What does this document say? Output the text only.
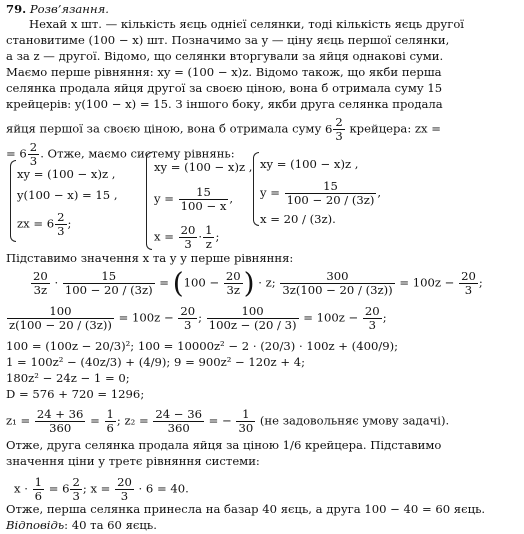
79. Розв’язання.
Нехай x шт. — кількість яєць однієї селянки, тоді кількість яєць другої
становитиме (100 − x) шт. Позначимо за y — ціну яєць першої селянки,
а за z — другої. Відомо, що селянки вторгували за яйця однакові суми.
Маємо перше рівняння: xy = (100 − x)z. Відомо також, що якби перша
селянка продала яйця другої за своєю ціною, вона б отримала суму 15
крейцерів: y(100 − x) = 15. З іншого боку, якби друга селянка продала
яйця першої за своєю ціною, вона б отримала суму $6 \frac{2}{3}$ крейцера: zx =
= $6 \frac{2}{3}$ . Отже, маємо систему рівнянь:
xy = (100 − x)z ,
y(100 − x) = 15 ,
zx = $6 \frac{2}{3}$ ;
xy = (100 − x)z ,
$y = \frac{15}{100 - x}$ ,
$x = \frac{20}{3} \cdot \frac{1}{z}$ ;
xy = (100 − x)z ,
$y = \frac{15}{100 - 20 / (3z)}$ ,
x = 20 / (3z).
Підставимо значення x та y у перше рівняння:
$\frac{20}{3z} \cdot \frac{15}{100 - 20 / (3z)} = (100 - \frac{20}{3z}$ ) · z; $\frac{300}{3z(100 - 20 / (3z))} = 100z - \frac{20}{3}$ ;
$\frac{100}{z(100 - 20 / (3z))} = 100z - \frac{20}{3}$ ; $\frac{100}{100z - (20 / 3)} = 100z - \frac{20}{3}$ ;
100 = (100z − 20/3)²; 100 = 10000z² − 2 · (20/3) · 100z + (400/9);
1 = 100z² − (40z/3) + (4/9); 9 = 900z² − 120z + 4;
180z² − 24z − 1 = 0;
D = 576 + 720 = 1296;
$z_1 = \frac{24 + 36}{360} = \frac{1}{6}$ ; $z_2 = \frac{24 - 36}{360}$ = − $\frac{1}{30} (не$ задовольняє умову задачі).
Отже, друга селянка продала яйця за ціною 1/6 крейцера. Підставимо
значення ціни у третє рівняння системи:
$x \cdot \frac{1}{6} = 6 \frac{2}{3}$ ; $x = \frac{20}{3} \cdot 6 = 40$.
Отже, перша селянка принесла на базар 40 яєць, а друга 100 − 40 = 60 яєць.
Відповідь: 40 та 60 яєць.
